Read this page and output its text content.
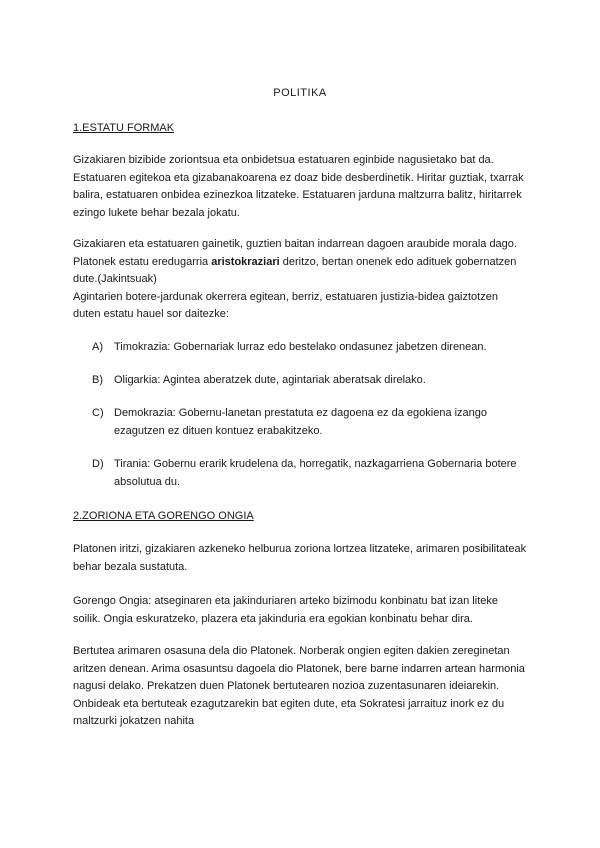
POLITIKA
1.ESTATU FORMAK

Gizakiaren bizibide zoriontsua eta onbidetsua estatuaren eginbide nagusietako bat da. Estatuaren egitekoa eta gizabanakoarena ez doaz bide desberdinetik. Hiritar guztiak, txarrak balira, estatuaren onbidea ezinezkoa litzateke. Estatuaren jarduna maltzurra balitz, hiritarrek ezingo lukete behar bezala jokatu.

Gizakiaren eta estatuaren gainetik, guztien baitan indarrean dagoen araubide morala dago. Platonek estatu eredugarria aristokraziari deritzo, bertan onenek edo adituek gobernatzen dute.(Jakintsuak)

Agintarien botere-jardunak okerrera egitean, berriz, estatuaren justizia-bidea gaiztotzen duten estatu hauel sor daitezke:

A)	Timokrazia: Gobernariak lurraz edo bestelako ondasunez jabetzen direnean.
B)	Oligarkia: Agintea aberatzek dute, agintariak aberatsak direlako.
C) Demokrazia: Gobernu-lanetan prestatuta ez dagoena ez da egokiena izango ezagutzen ez dituen kontuez erabakitzeko.
D) Tirania: Gobernu erarik krudelena da, horregatik, nazkagarriena Gobernaria botere absolutua du.
2.ZORIONA ETA GORENGO ONGIA

Platonen iritzi, gizakiaren azkeneko helburua zoriona lortzea litzateke, arimaren posibilitateak behar bezala sustatuta.

Gorengo Ongia: atseginaren eta jakinduriaren arteko bizimodu konbinatu bat izan liteke soilik. Ongia eskuratzeko, plazera eta jakinduria era egokian konbinatu behar dira.

Bertutea arimaren osasuna dela dio Platonek. Norberak ongien egiten dakien zereginetan aritzen denean. Arima osasuntsu dagoela dio Platonek, bere barne indarren artean harmonia nagusi delako. Prekatzen duen Platonek bertutearen nozioa zuzentasunaren ideiarekin.

Onbideak eta bertuteak ezagutzarekin bat egiten dute, eta Sokratesi jarraituz inork ez du maltzurki jokatzen nahita
